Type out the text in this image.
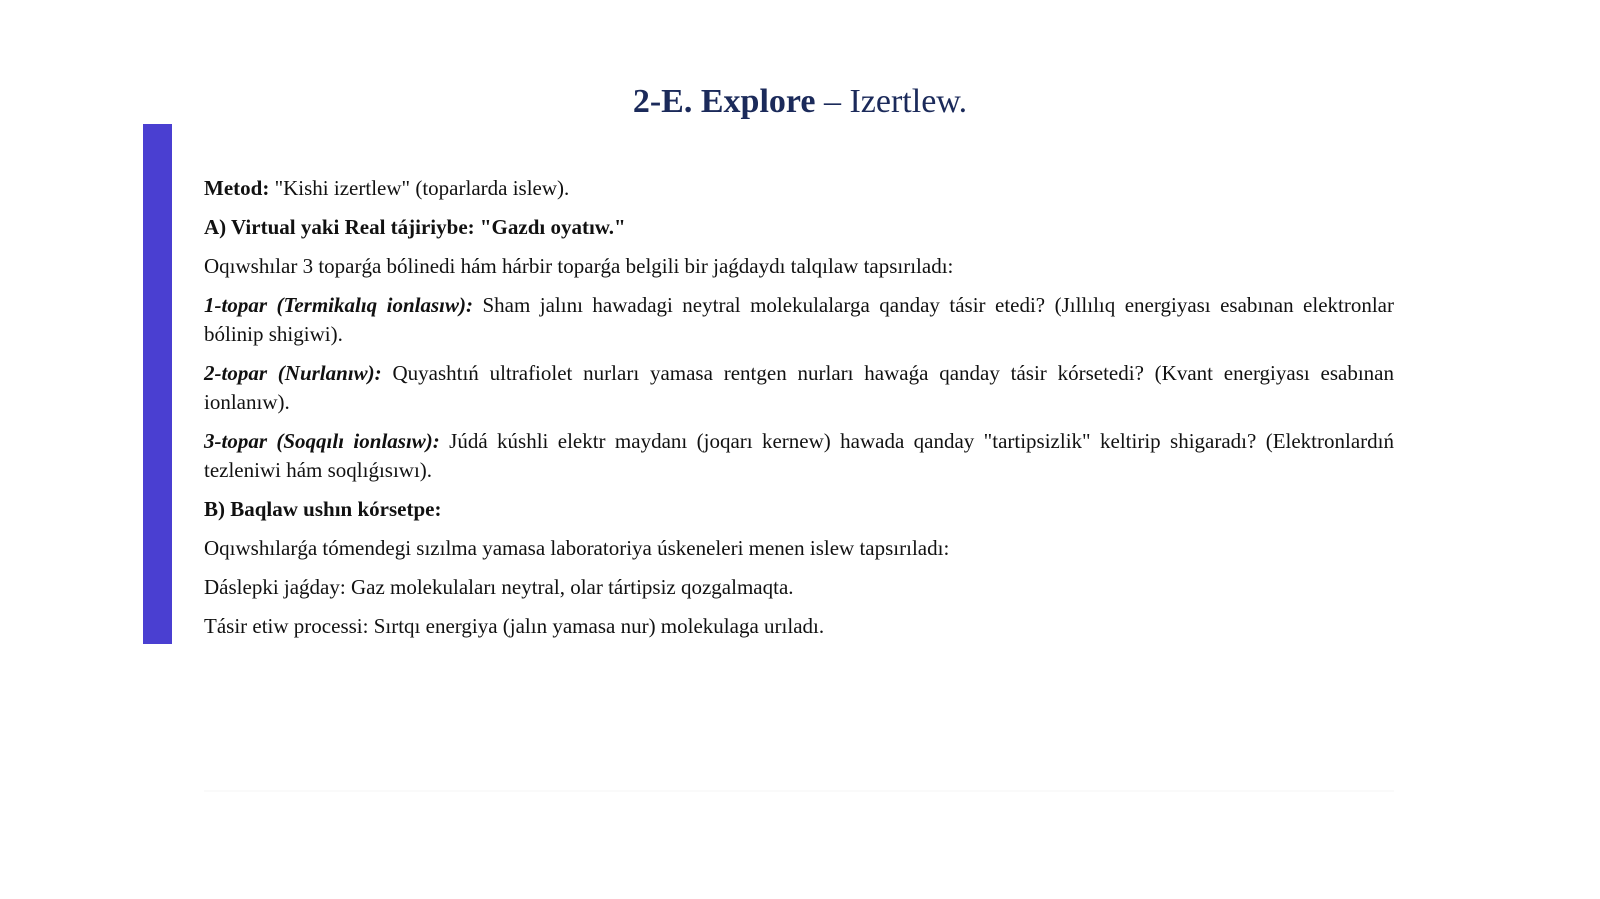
2-E. Explore – Izertlew.

Metod: "Kishi izertlew" (toparlarda islew).

A) Virtual yaki Real tájiriybe: "Gazdı oyatıw."

Oqıwshılar 3 toparǵa bólinedi hám hárbir toparǵa belgili bir jaǵdaydı talqılaw tapsırıladı:

1-topar (Termikalıq ionlasıw): Sham jalını hawadagi neytral molekulalarga qanday tásir etedi? (Jıllılıq energiyası esabınan elektronlar bólinip shigiwi).

2-topar (Nurlanıw): Quyashtıń ultrafiolet nurları yamasa rentgen nurları hawaǵa qanday tásir kórsetedi? (Kvant energiyası esabınan ionlanıw).

3-topar (Soqqılı ionlasıw): Júdá kúshli elektr maydanı (joqarı kernew) hawada qanday "tartipsizlik" keltirip shigaradı? (Elektronlardıń tezleniwi hám soqlıǵısıwı).

B) Baqlaw ushın kórsetpe:

Oqıwshılarǵa tómendegi sızılma yamasa laboratoriya úskeneleri menen islew tapsırıladı:

Dáslepki jaǵday: Gaz molekulaları neytral, olar tártipsiz qozgalmaqta.

Tásir etiw processi: Sırtqı energiya (jalın yamasa nur) molekulaga urıladı.
